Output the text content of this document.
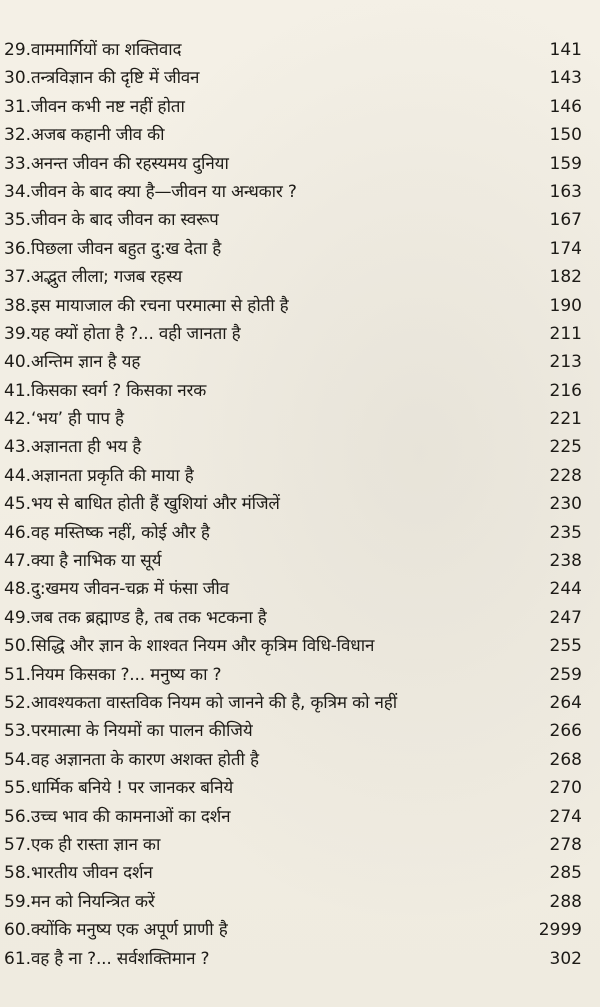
29. वाममार्गियों का शक्तिवाद	141
30. तन्त्रविज्ञान की दृष्टि में जीवन	143
31. जीवन कभी नष्ट नहीं होता	146
32. अजब कहानी जीव की	150
33. अनन्त जीवन की रहस्यमय दुनिया	159
34. जीवन के बाद क्या है—जीवन या अन्धकार ?	163
35. जीवन के बाद जीवन का स्वरूप	167
36. पिछला जीवन बहुत दु:ख देता है	174
37. अद्भुत लीला; गजब रहस्य	182
38. इस मायाजाल की रचना परमात्मा से होती है	190
39. यह क्यों होता है ?... वही जानता है	211
40. अन्तिम ज्ञान है यह	213
41. किसका स्वर्ग ? किसका नरक	216
42. ‘भय’ ही पाप है	221
43. अज्ञानता ही भय है	225
44. अज्ञानता प्रकृति की माया है	228
45. भय से बाधित होती हैं खुशियां और मंजिलें	230
46. वह मस्तिष्क नहीं, कोई और है	235
47. क्या है नाभिक या सूर्य	238
48. दु:खमय जीवन-चक्र में फंसा जीव	244
49. जब तक ब्रह्माण्ड है, तब तक भटकना है	247
50. सिद्धि और ज्ञान के शाश्वत नियम और कृत्रिम विधि-विधान	255
51. नियम किसका ?... मनुष्य का ?	259
52. आवश्यकता वास्तविक नियम को जानने की है, कृत्रिम को नहीं	264
53. परमात्मा के नियमों का पालन कीजिये	266
54. वह अज्ञानता के कारण अशक्त होती है	268
55. धार्मिक बनिये ! पर जानकर बनिये	270
56. उच्च भाव की कामनाओं का दर्शन	274
57. एक ही रास्ता ज्ञान का	278
58. भारतीय जीवन दर्शन	285
59. मन को नियन्त्रित करें	288
60. क्योंकि मनुष्य एक अपूर्ण प्राणी है	2999
61. वह है ना ?... सर्वशक्तिमान ?	302
